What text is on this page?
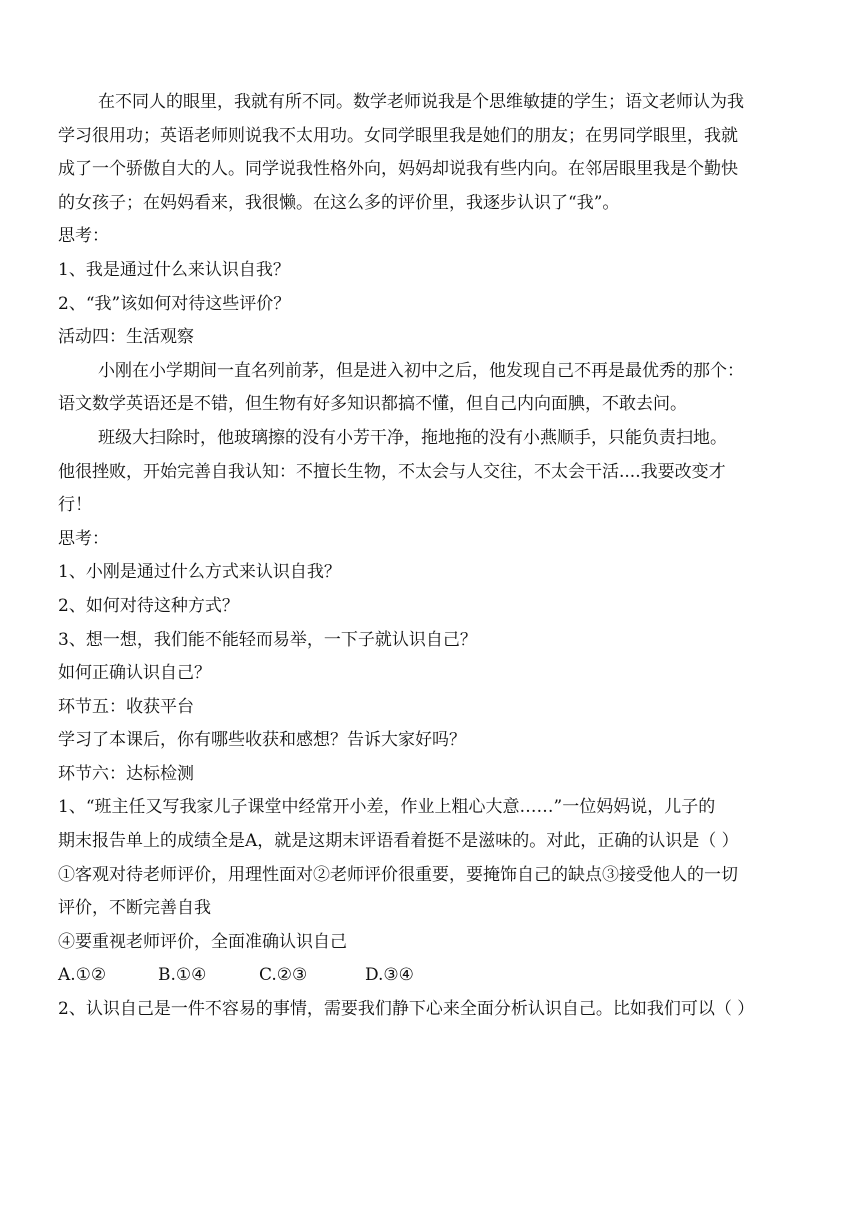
在不同人的眼里，我就有所不同。数学老师说我是个思维敏捷的学生；语文老师认为我
学习很用功；英语老师则说我不太用功。女同学眼里我是她们的朋友；在男同学眼里，我就
成了一个骄傲自大的人。同学说我性格外向，妈妈却说我有些内向。在邻居眼里我是个勤快
的女孩子；在妈妈看来，我很懒。在这么多的评价里，我逐步认识了“我”。
思考：
1、我是通过什么来认识自我？
2、“我”该如何对待这些评价？
活动四：生活观察
小刚在小学期间一直名列前茅，但是进入初中之后，他发现自己不再是最优秀的那个：
语文数学英语还是不错，但生物有好多知识都搞不懂，但自己内向面腆，不敢去问。
班级大扫除时，他玻璃擦的没有小芳干净，拖地拖的没有小燕顺手，只能负责扫地。
他很挫败，开始完善自我认知：不擅长生物，不太会与人交往，不太会干活....我要改变才
行！
思考：
1、小刚是通过什么方式来认识自我？
2、如何对待这种方式？
3、想一想，我们能不能轻而易举，一下子就认识自己？
如何正确认识自己？
环节五：收获平台
学习了本课后，你有哪些收获和感想？告诉大家好吗？
环节六：达标检测
1、“班主任又写我家儿子课堂中经常开小差，作业上粗心大意……”一位妈妈说，儿子的
期末报告单上的成绩全是A，就是这期末评语看着挺不是滋味的。对此，正确的认识是（ ）
①客观对待老师评价，用理性面对②老师评价很重要，要掩饰自己的缺点③接受他人的一切
评价，不断完善自我
④要重视老师评价，全面准确认识自己
A.①②	B.①④	C.②③	D.③④
2、认识自己是一件不容易的事情，需要我们静下心来全面分析认识自己。比如我们可以（ ）
